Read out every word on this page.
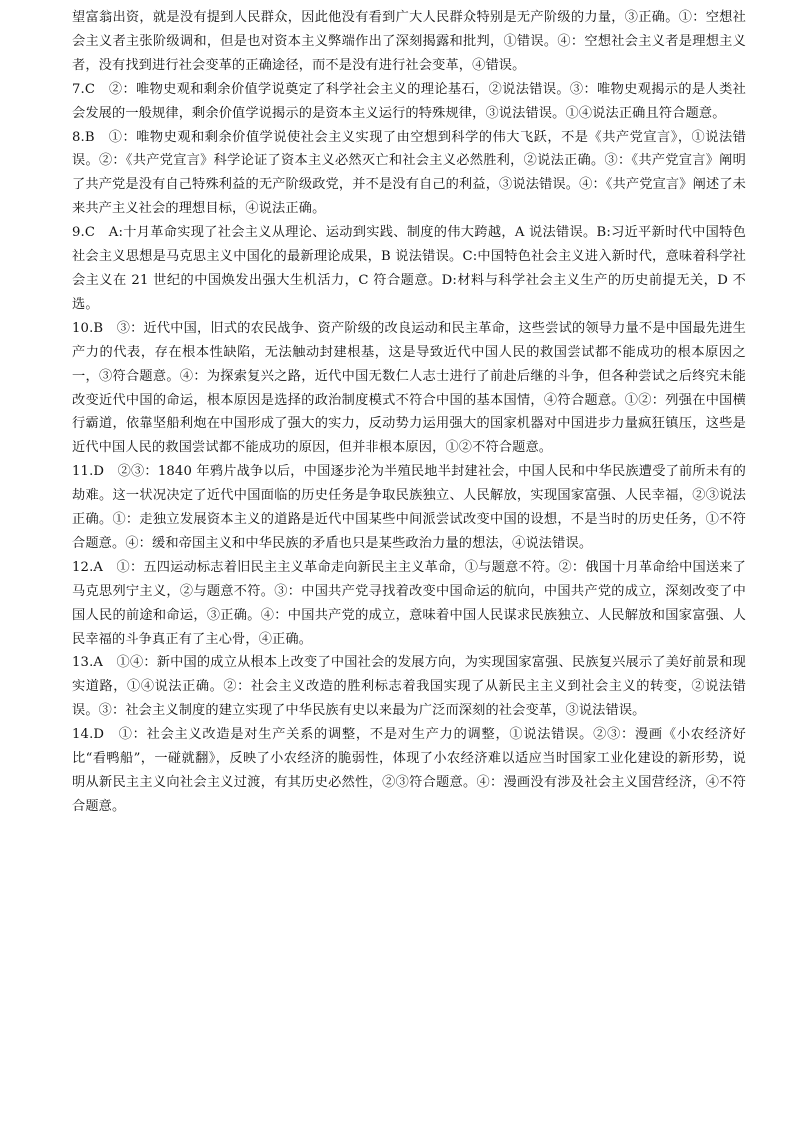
望富翁出资，就是没有提到人民群众，因此他没有看到广大人民群众特别是无产阶级的力量，③正确。①：空想社会主义者主张阶级调和，但是也对资本主义弊端作出了深刻揭露和批判，①错误。④：空想社会主义者是理想主义者，没有找到进行社会变革的正确途径，而不是没有进行社会变革，④错误。

7.C　②：唯物史观和剩余价值学说奠定了科学社会主义的理论基石，②说法错误。③：唯物史观揭示的是人类社会发展的一般规律，剩余价值学说揭示的是资本主义运行的特殊规律，③说法错误。①④说法正确且符合题意。

8.B　①：唯物史观和剩余价值学说使社会主义实现了由空想到科学的伟大飞跃，不是《共产党宣言》，①说法错误。②：《共产党宣言》科学论证了资本主义必然灭亡和社会主义必然胜利，②说法正确。③：《共产党宣言》阐明了共产党是没有自己特殊利益的无产阶级政党，并不是没有自己的利益，③说法错误。④：《共产党宣言》阐述了未来共产主义社会的理想目标，④说法正确。

9.C　A:十月革命实现了社会主义从理论、运动到实践、制度的伟大跨越，A 说法错误。B:习近平新时代中国特色社会主义思想是马克思主义中国化的最新理论成果，B 说法错误。C:中国特色社会主义进入新时代，意味着科学社会主义在 21 世纪的中国焕发出强大生机活力，C 符合题意。D:材料与科学社会主义生产的历史前提无关，D 不选。

10.B　③：近代中国，旧式的农民战争、资产阶级的改良运动和民主革命，这些尝试的领导力量不是中国最先进生产力的代表，存在根本性缺陷，无法触动封建根基，这是导致近代中国人民的救国尝试都不能成功的根本原因之一，③符合题意。④：为探索复兴之路，近代中国无数仁人志士进行了前赴后继的斗争，但各种尝试之后终究未能改变近代中国的命运，根本原因是选择的政治制度模式不符合中国的基本国情，④符合题意。①②：列强在中国横行霸道，依靠坚船利炮在中国形成了强大的实力，反动势力运用强大的国家机器对中国进步力量疯狂镇压，这些是近代中国人民的救国尝试都不能成功的原因，但并非根本原因，①②不符合题意。

11.D　②③：1840 年鸦片战争以后，中国逐步沦为半殖民地半封建社会，中国人民和中华民族遭受了前所未有的劫难。这一状况决定了近代中国面临的历史任务是争取民族独立、人民解放，实现国家富强、人民幸福，②③说法正确。①：走独立发展资本主义的道路是近代中国某些中间派尝试改变中国的设想，不是当时的历史任务，①不符合题意。④：缓和帝国主义和中华民族的矛盾也只是某些政治力量的想法，④说法错误。

12.A　①：五四运动标志着旧民主主义革命走向新民主主义革命，①与题意不符。②：俄国十月革命给中国送来了马克思列宁主义，②与题意不符。③：中国共产党寻找着改变中国命运的航向，中国共产党的成立，深刻改变了中国人民的前途和命运，③正确。④：中国共产党的成立，意味着中国人民谋求民族独立、人民解放和国家富强、人民幸福的斗争真正有了主心骨，④正确。

13.A　①④：新中国的成立从根本上改变了中国社会的发展方向，为实现国家富强、民族复兴展示了美好前景和现实道路，①④说法正确。②：社会主义改造的胜利标志着我国实现了从新民主主义到社会主义的转变，②说法错误。③：社会主义制度的建立实现了中华民族有史以来最为广泛而深刻的社会变革，③说法错误。

14.D　①：社会主义改造是对生产关系的调整，不是对生产力的调整，①说法错误。②③：漫画《小农经济好比“看鸭船”，一碰就翻》，反映了小农经济的脆弱性，体现了小农经济难以适应当时国家工业化建设的新形势，说明从新民主主义向社会主义过渡，有其历史必然性，②③符合题意。④：漫画没有涉及社会主义国营经济，④不符合题意。
